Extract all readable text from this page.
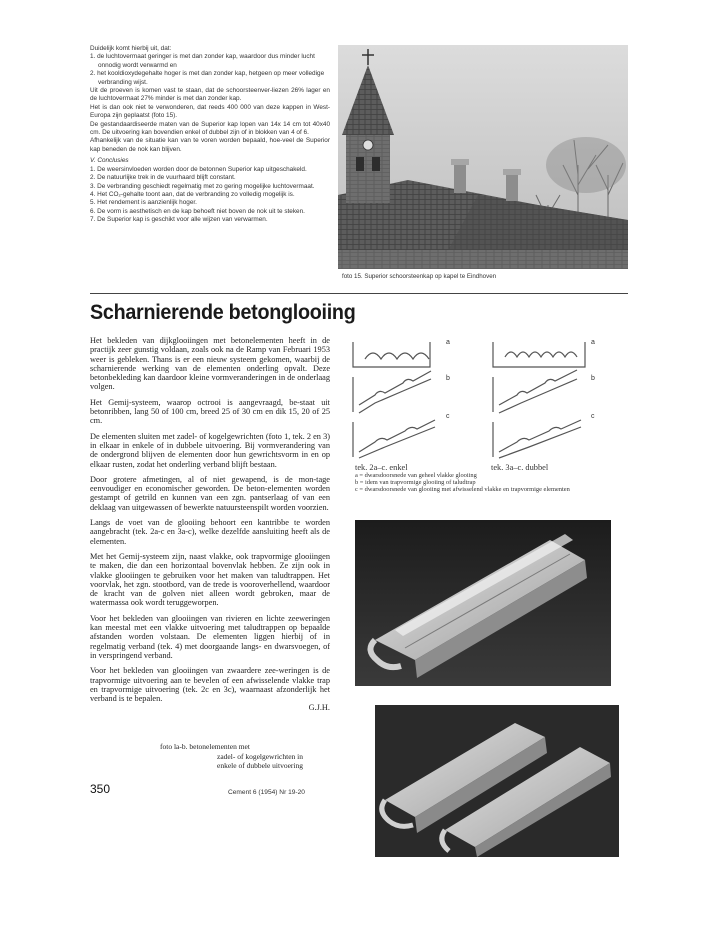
Duidelijk komt hierbij uit, dat:

1. de luchtovermaat geringer is met dan zonder kap, waardoor dus minder lucht onnodig wordt verwarmd en

2. het kooldioxydegehalte hoger is met dan zonder kap, hetgeen op meer volledige verbranding wijst.

Uit de proeven is komen vast te staan, dat de schoorsteenver-liezen 26% lager en de luchtovermaat 27% minder is met dan zonder kap.

Het is dan ook niet te verwonderen, dat reeds 400 000 van deze kappen in West-Europa zijn geplaatst (foto 15).

De gestandaardiseerde maten van de Superior kap lopen van 14x 14 cm tot 40x40 cm. De uitvoering kan bovendien enkel of dubbel zijn of in blokken van 4 of 6.

Afhankelijk van de situatie kan van te voren worden bepaald, hoe-veel de Superior kap beneden de nok kan blijven.

V. Conclusies

1. De weersinvloeden worden door de betonnen Superior kap uitgeschakeld.

2. De natuurlijke trek in de vuurhaard blijft constant.

3. De verbranding geschiedt regelmatig met zo gering mogelijke luchtovermaat.

4. Het CO₂-gehalte toont aan, dat de verbranding zo volledig mogelijk is.

5. Het rendement is aanzienlijk hoger.

6. De vorm is aesthetisch en de kap behoeft niet boven de nok uit te steken.

7. De Superior kap is geschikt voor alle wijzen van verwarmen.

foto 15. Superior schoorsteenkap op kapel te Eindhoven
Scharnierende betonglooiing

Het bekleden van dijkglooiingen met betonelementen heeft in de practijk zeer gunstig voldaan, zoals ook na de Ramp van Februari 1953 weer is gebleken. Thans is er een nieuw systeem gekomen, waarbij de scharnierende werking van de elementen onderling opvalt. Deze betonbekleding kan daardoor kleine vormveranderingen in de onderlaag volgen.

Het Gemij-systeem, waarop octrooi is aangevraagd, be-staat uit betonribben, lang 50 of 100 cm, breed 25 of 30 cm en dik 15, 20 of 25 cm.

De elementen sluiten met zadel- of kogelgewrichten (foto 1, tek. 2 en 3) in elkaar in enkele of in dubbele uitvoering. Bij vormverandering van de ondergrond blijven de elementen door hun gewrichtsvorm in en op elkaar rusten, zodat het onderling verband blijft bestaan.

Door grotere afmetingen, al of niet gewapend, is de mon-tage eenvoudiger en economischer geworden. De beton-elementen worden gestampt of getrild en kunnen van een zgn. pantserlaag of van een deklaag van uitgewassen of bewerkte natuursteenspilt worden voorzien.

Langs de voet van de glooiing behoort een kantribbe te worden aangebracht (tek. 2a-c en 3a-c), welke dezelfde aansluiting heeft als de elementen.

Met het Gemij-systeem zijn, naast vlakke, ook trapvormige glooiingen te maken, die dan een horizontaal bovenvlak hebben. Ze zijn ook in vlakke glooiingen te gebruiken voor het maken van taludtrappen. Het voorvlak, het zgn. stootbord, van de trede is vooroverhellend, waardoor de kracht van de golven niet alleen wordt gebroken, maar de watermassa ook wordt teruggeworpen.

Voor het bekleden van glooiingen van rivieren en lichte zeeweringen kan meestal met een vlakke uitvoering met taludtrappen op bepaalde afstanden worden volstaan. De elementen liggen hierbij of in regelmatig verband (tek. 4) met doorgaande langs- en dwarsvoegen, of in verspringend verband.

Voor het bekleden van glooiingen van zwaardere zee-weringen is de trapvormige uitvoering aan te bevelen of een afwisselende vlakke trap en trapvormige uitvoering (tek. 2c en 3c), waarnaast afzonderlijk het verband is te bepalen.

G.J.H.
foto la-b. betonelementen met
zadel- of kogelgewrichten in
enkele of dubbele uitvoering
350	Cement 6 (1954) Nr 19-20
a
b
c
a
b
c
tek. 2a–c. enkel	tek. 3a–c. dubbel
a = dwarsdoorsnede van geheel vlakke glooiing
b = idem van trapvormige glooiing of taludtrap
c = dwarsdoorsnede van glooiing met afwisselend vlakke en trapvormige elementen
